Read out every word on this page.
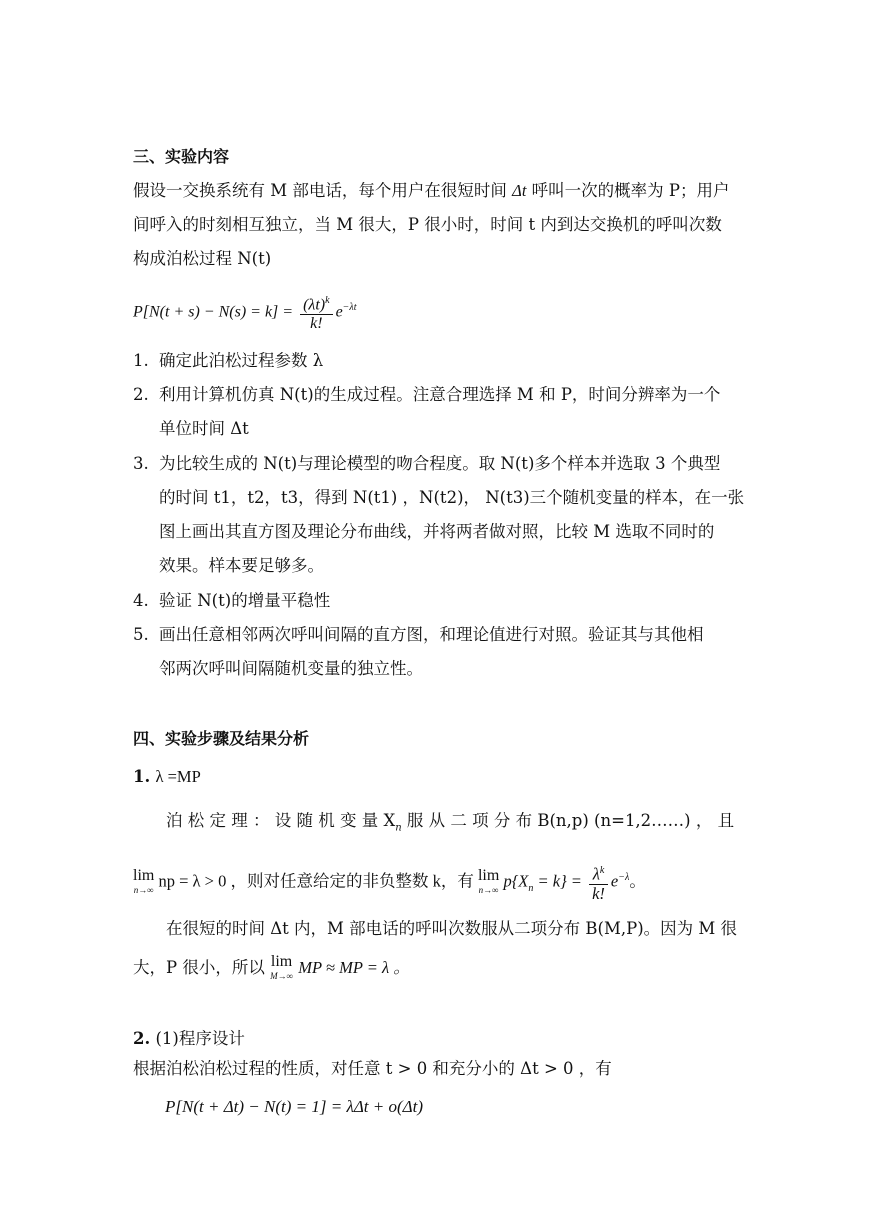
三、实验内容
假设一交换系统有 M 部电话，每个用户在很短时间 Δt 呼叫一次的概率为 P；用户
间呼入的时刻相互独立，当 M 很大，P 很小时，时间 t 内到达交换机的呼叫次数
构成泊松过程 N(t)
$P[N(t + s) - N(s) = k] = \frac{(\lambda t)^k}{k!} e^{-\lambda t}$
1. 确定此泊松过程参数 λ
2. 利用计算机仿真 N(t)的生成过程。注意合理选择 M 和 P，时间分辨率为一个
单位时间 Δt
3. 为比较生成的 N(t)与理论模型的吻合程度。取 N(t)多个样本并选取 3 个典型
的时间 t1，t2，t3，得到 N(t1) ，N(t2)， N(t3)三个随机变量的样本，在一张
图上画出其直方图及理论分布曲线，并将两者做对照，比较 M 选取不同时的
效果。样本要足够多。
4. 验证 N(t)的增量平稳性
5. 画出任意相邻两次呼叫间隔的直方图，和理论值进行对照。验证其与其他相
邻两次呼叫间隔随机变量的独立性。
四、实验步骤及结果分析
1. λ =MP
泊 松 定 理 ： 设 随 机 变 量 $X_n$ 服 从 二 项 分 布 B(n,p) (n=1,2……) ， 且
lim
n→∞ np = λ > 0 ，则对任意给定的非负整数 k，有 lim
n→∞ $p\{X_n = k\} = \frac{\lambda^k}{k!} e^{-\lambda}$。
在很短的时间 Δt 内，M 部电话的呼叫次数服从二项分布 B(M,P)。因为 M 很
大，P 很小，所以 lim
M→∞ MP ≈ MP = λ 。
2. (1)程序设计
根据泊松泊松过程的性质，对任意 t > 0 和充分小的 Δt > 0 ，有
P[N(t + Δt) − N(t) = 1] = λΔt + o(Δt)
